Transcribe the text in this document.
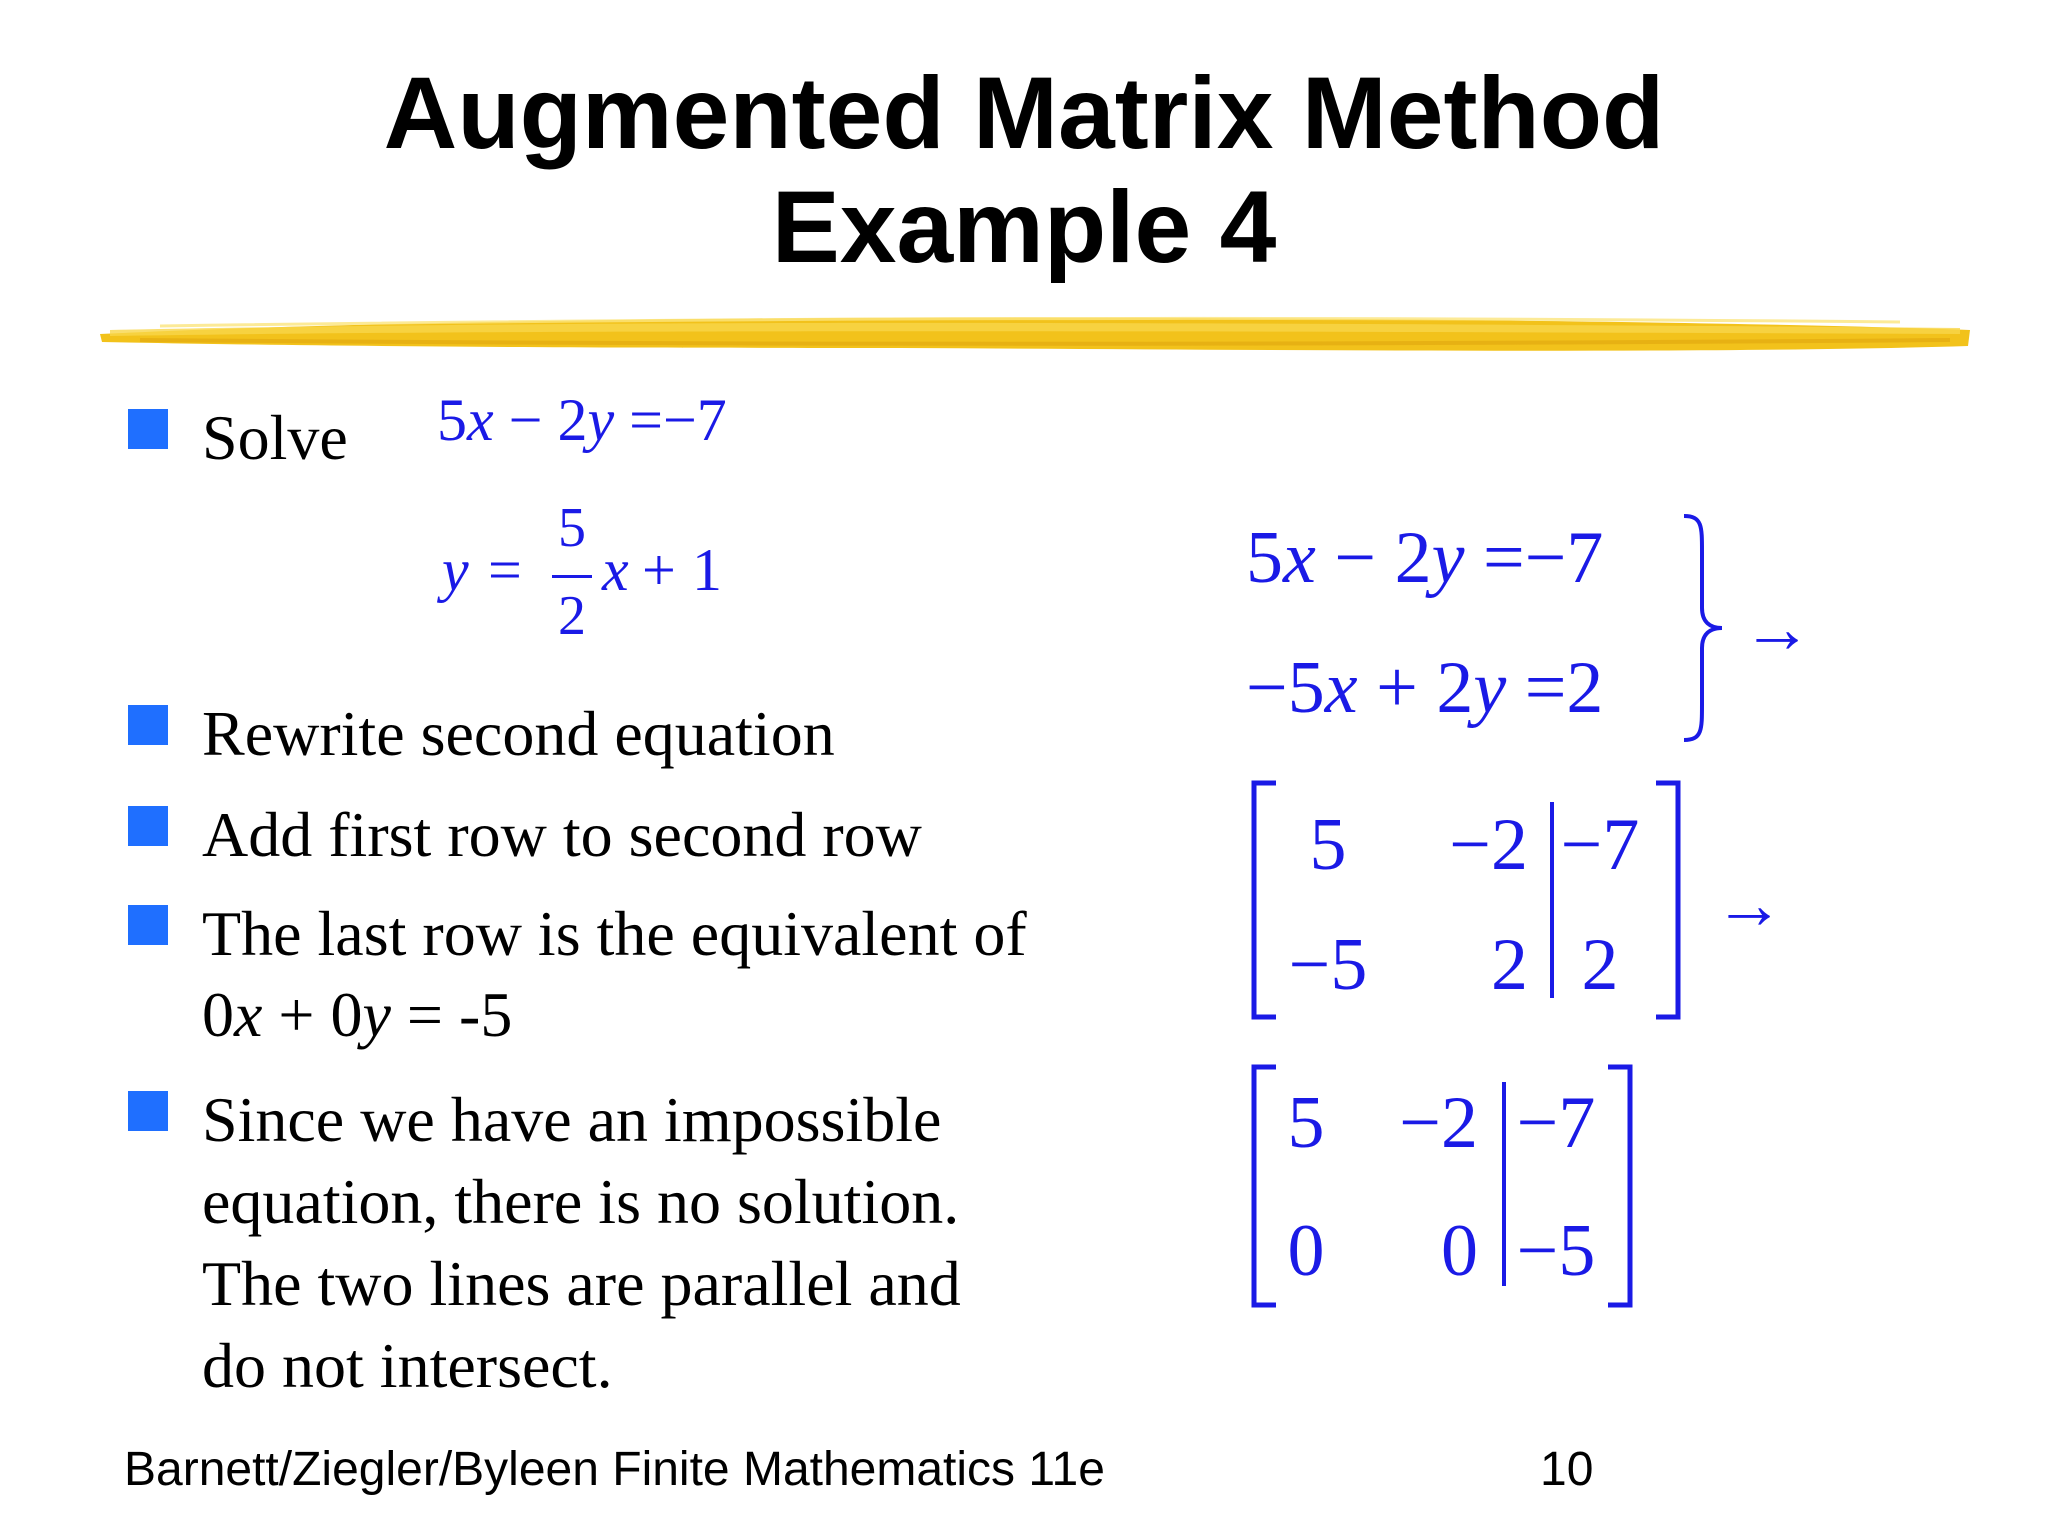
Augmented Matrix Method
Example 4
Solve
Rewrite second equation
Add first row to second row
The last row is the equivalent of
0x + 0y = -5
Since we have an impossible
equation, there is no solution.
The two lines are parallel and
do not intersect.
5x − 2y =−7
y =
5
2
x + 1	5x − 2y =−7
−5x + 2y =2
→
5	−2 −7
−5	2 2
→
5	−2 −7
0	0 −5
Barnett/Ziegler/Byleen Finite Mathematics 11e	10
